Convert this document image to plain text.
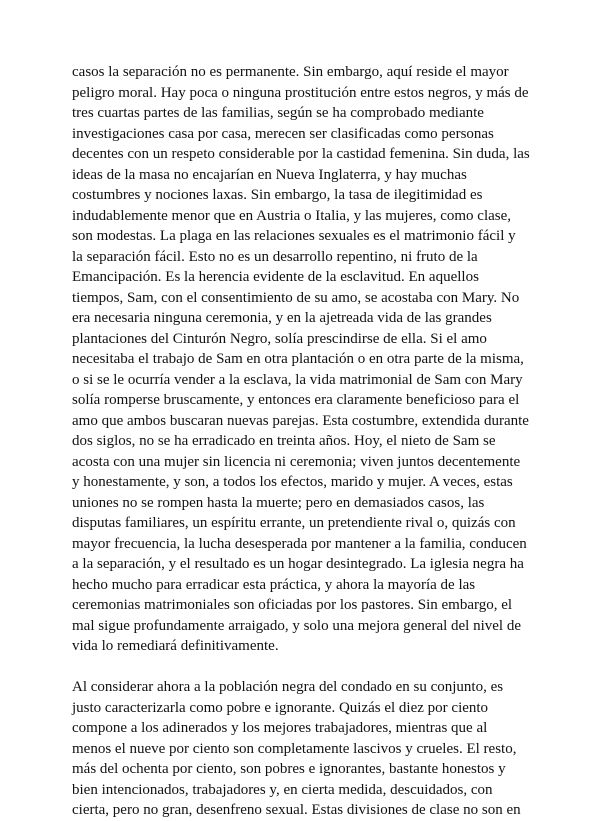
casos la separación no es permanente. Sin embargo, aquí reside el mayor
peligro moral. Hay poca o ninguna prostitución entre estos negros, y más de
tres cuartas partes de las familias, según se ha comprobado mediante
investigaciones casa por casa, merecen ser clasificadas como personas
decentes con un respeto considerable por la castidad femenina. Sin duda, las
ideas de la masa no encajarían en Nueva Inglaterra, y hay muchas
costumbres y nociones laxas. Sin embargo, la tasa de ilegitimidad es
indudablemente menor que en Austria o Italia, y las mujeres, como clase,
son modestas. La plaga en las relaciones sexuales es el matrimonio fácil y
la separación fácil. Esto no es un desarrollo repentino, ni fruto de la
Emancipación. Es la herencia evidente de la esclavitud. En aquellos
tiempos, Sam, con el consentimiento de su amo, se acostaba con Mary. No
era necesaria ninguna ceremonia, y en la ajetreada vida de las grandes
plantaciones del Cinturón Negro, solía prescindirse de ella. Si el amo
necesitaba el trabajo de Sam en otra plantación o en otra parte de la misma,
o si se le ocurría vender a la esclava, la vida matrimonial de Sam con Mary
solía romperse bruscamente, y entonces era claramente beneficioso para el
amo que ambos buscaran nuevas parejas. Esta costumbre, extendida durante
dos siglos, no se ha erradicado en treinta años. Hoy, el nieto de Sam se
acosta con una mujer sin licencia ni ceremonia; viven juntos decentemente
y honestamente, y son, a todos los efectos, marido y mujer. A veces, estas
uniones no se rompen hasta la muerte; pero en demasiados casos, las
disputas familiares, un espíritu errante, un pretendiente rival o, quizás con
mayor frecuencia, la lucha desesperada por mantener a la familia, conducen
a la separación, y el resultado es un hogar desintegrado. La iglesia negra ha
hecho mucho para erradicar esta práctica, y ahora la mayoría de las
ceremonias matrimoniales son oficiadas por los pastores. Sin embargo, el
mal sigue profundamente arraigado, y solo una mejora general del nivel de
vida lo remediará definitivamente.
Al considerar ahora a la población negra del condado en su conjunto, es
justo caracterizarla como pobre e ignorante. Quizás el diez por ciento
compone a los adinerados y los mejores trabajadores, mientras que al
menos el nueve por ciento son completamente lascivos y crueles. El resto,
más del ochenta por ciento, son pobres e ignorantes, bastante honestos y
bien intencionados, trabajadores y, en cierta medida, descuidados, con
cierta, pero no gran, desenfreno sexual. Estas divisiones de clase no son en
